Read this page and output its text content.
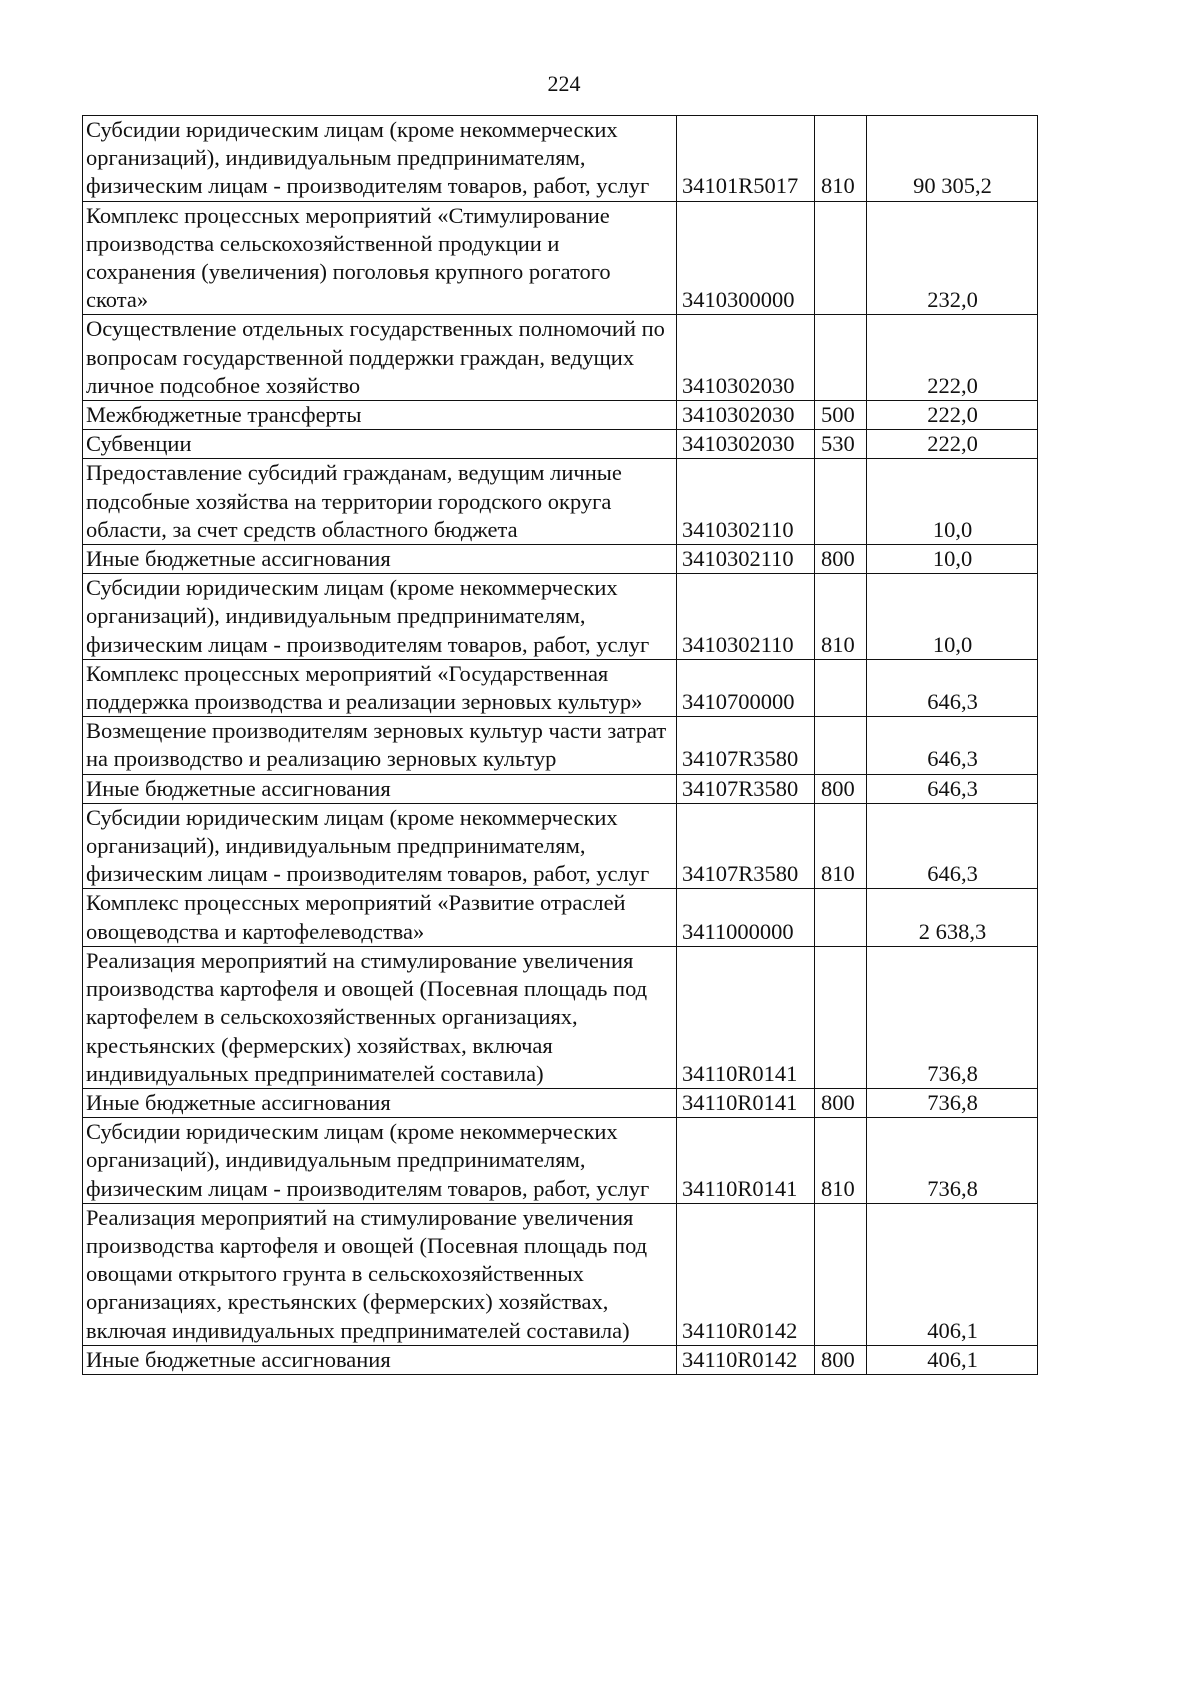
224
Субсидии юридическим лицам (кроме некоммерческих организаций), индивидуальным предпринимателям, физическим лицам - производителям товаров, работ, услуг	34101R5017	810	90 305,2
Комплекс процессных мероприятий «Стимулирование производства сельскохозяйственной продукции и сохранения (увеличения) поголовья крупного рогатого скота»	3410300000		232,0
Осуществление отдельных государственных полномочий по вопросам государственной поддержки граждан, ведущих личное подсобное хозяйство	3410302030		222,0
Межбюджетные трансферты	3410302030	500	222,0
Субвенции	3410302030	530	222,0
Предоставление субсидий гражданам, ведущим личные подсобные хозяйства на территории городского округа области, за счет средств областного бюджета	3410302110		10,0
Иные бюджетные ассигнования	3410302110	800	10,0
Субсидии юридическим лицам (кроме некоммерческих организаций), индивидуальным предпринимателям, физическим лицам - производителям товаров, работ, услуг	3410302110	810	10,0
Комплекс процессных мероприятий «Государственная поддержка производства и реализации зерновых культур»	3410700000		646,3
Возмещение производителям зерновых культур части затрат на производство и реализацию зерновых культур	34107R3580		646,3
Иные бюджетные ассигнования	34107R3580	800	646,3
Субсидии юридическим лицам (кроме некоммерческих организаций), индивидуальным предпринимателям, физическим лицам - производителям товаров, работ, услуг	34107R3580	810	646,3
Комплекс процессных мероприятий «Развитие отраслей овощеводства и картофелеводства»	3411000000		2 638,3
Реализация мероприятий на стимулирование увеличения производства картофеля и овощей (Посевная площадь под картофелем в сельскохозяйственных организациях, крестьянских (фермерских) хозяйствах, включая индивидуальных предпринимателей составила)	34110R0141		736,8
Иные бюджетные ассигнования	34110R0141	800	736,8
Субсидии юридическим лицам (кроме некоммерческих организаций), индивидуальным предпринимателям, физическим лицам - производителям товаров, работ, услуг	34110R0141	810	736,8
Реализация мероприятий на стимулирование увеличения производства картофеля и овощей (Посевная площадь под овощами открытого грунта в сельскохозяйственных организациях, крестьянских (фермерских) хозяйствах, включая индивидуальных предпринимателей составила)	34110R0142		406,1
Иные бюджетные ассигнования	34110R0142	800	406,1
